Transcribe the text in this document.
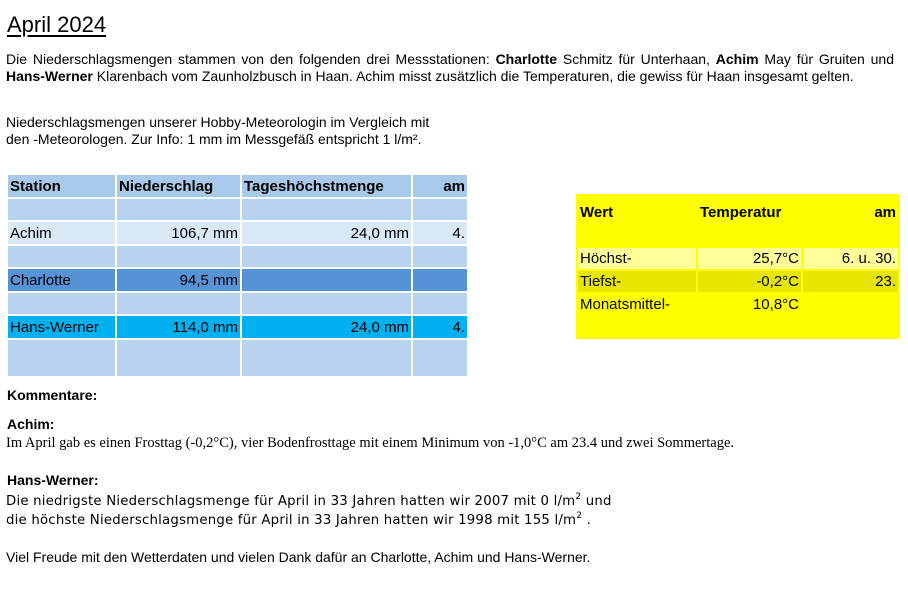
April 2024
Die Niederschlagsmengen stammen von den folgenden drei Messstationen: Charlotte Schmitz für Unterhaan, Achim May für Gruiten und Hans-Werner Klarenbach vom Zaunholzbusch in Haan. Achim misst zusätzlich die Temperaturen, die gewiss für Haan insgesamt gelten.
Niederschlagsmengen unserer Hobby-Meteorologin im Vergleich mit
den -Meteorologen. Zur Info: 1 mm im Messgefäß entspricht 1 l/m².
Station	Niederschlag	Tageshöchstmenge	am

Achim	106,7 mm	24,0 mm	4.

Charlotte	94,5 mm		

Hans-Werner	114,0 mm	24,0 mm	4.

Wert	Temperatur	am

Höchst-	25,7°C	6. u. 30.
Tiefst-	-0,2°C	23.
Monatsmittel-	10,8°C	

Kommentare:
Achim:
Im April gab es einen Frosttag (-0,2°C), vier Bodenfrosttage mit einem Minimum von -1,0°C am 23.4 und zwei Sommertage.
Hans-Werner:
Die niedrigste Niederschlagsmenge für April in 33 Jahren hatten wir 2007 mit 0 $l/m^2$ und
die höchste Niederschlagsmenge für April in 33 Jahren hatten wir 1998 mit 155 $l/m^2$ .
Viel Freude mit den Wetterdaten und vielen Dank dafür an Charlotte, Achim und Hans-Werner.
